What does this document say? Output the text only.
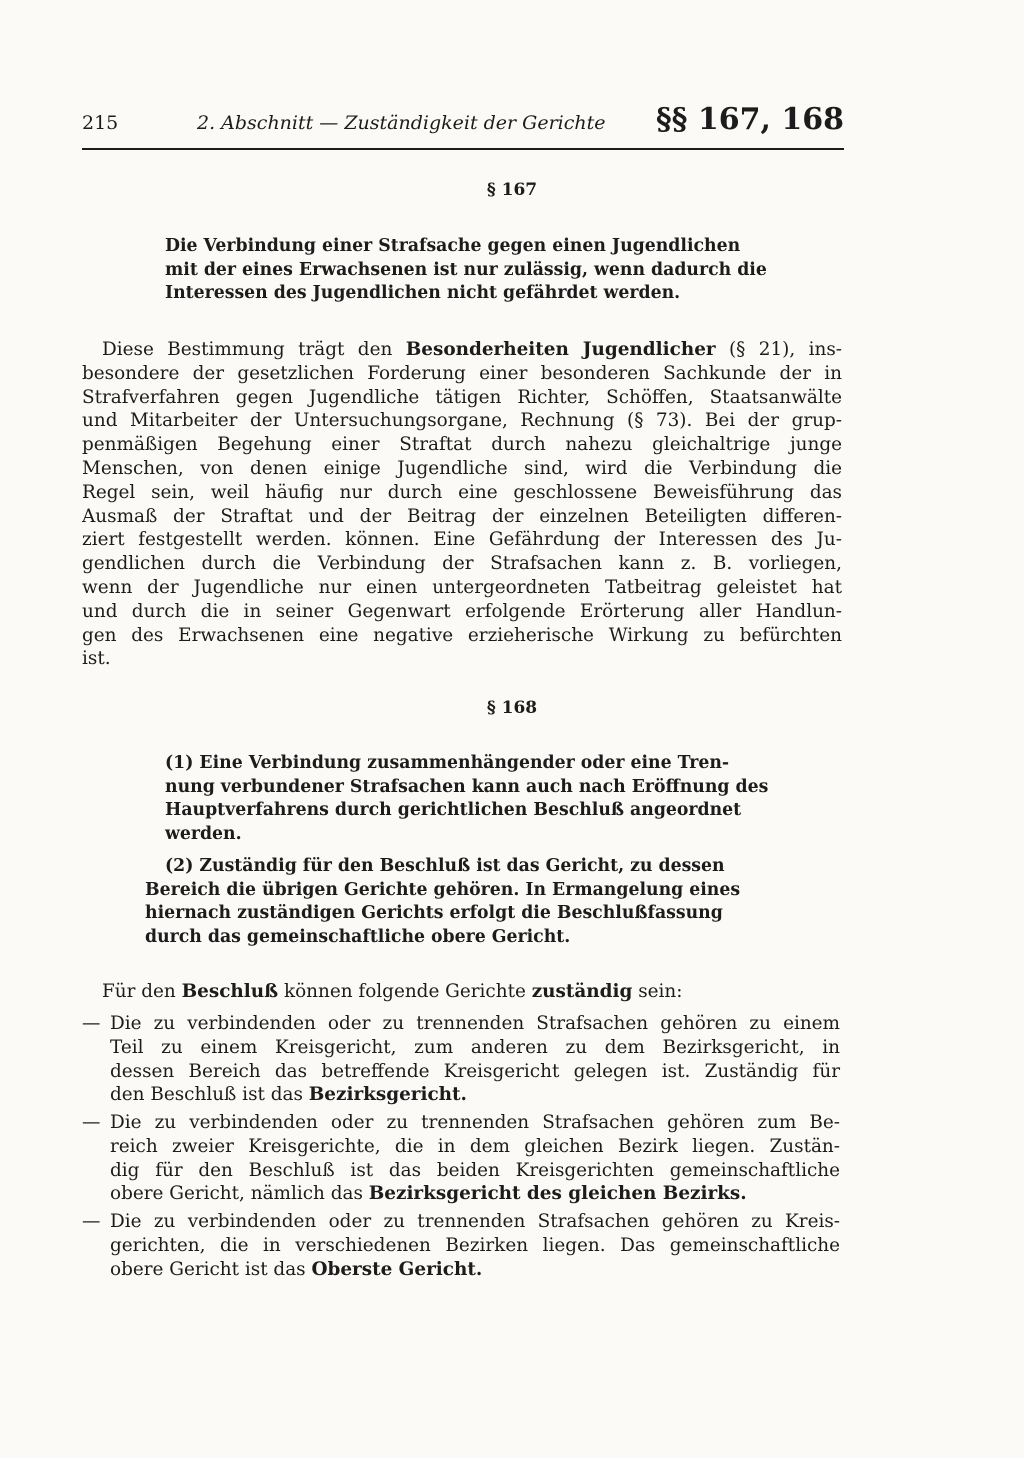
215	2. Abschnitt — Zuständigkeit der Gerichte §§ 167, 168
§ 167
Die Verbindung einer Strafsache gegen einen Jugendlichen
mit der eines Erwachsenen ist nur zulässig, wenn dadurch die
Interessen des Jugendlichen nicht gefährdet werden.
Diese Bestimmung trägt den Besonderheiten Jugendlicher (§ 21), ins-
besondere der gesetzlichen Forderung einer besonderen Sachkunde der in
Strafverfahren gegen Jugendliche tätigen Richter, Schöffen, Staatsanwälte
und Mitarbeiter der Untersuchungsorgane, Rechnung (§ 73). Bei der grup-
penmäßigen Begehung einer Straftat durch nahezu gleichaltrige junge
Menschen, von denen einige Jugendliche sind, wird die Verbindung die
Regel sein, weil häufig nur durch eine geschlossene Beweisführung das
Ausmaß der Straftat und der Beitrag der einzelnen Beteiligten differen-
ziert festgestellt werden. können. Eine Gefährdung der Interessen des Ju-
gendlichen durch die Verbindung der Strafsachen kann z. B. vorliegen,
wenn der Jugendliche nur einen untergeordneten Tatbeitrag geleistet hat
und durch die in seiner Gegenwart erfolgende Erörterung aller Handlun-
gen des Erwachsenen eine negative erzieherische Wirkung zu befürchten
ist.
§ 168
(1) Eine Verbindung zusammenhängender oder eine Tren-
nung verbundener Strafsachen kann auch nach Eröffnung des
Hauptverfahrens durch gerichtlichen Beschluß angeordnet
werden.
(2) Zuständig für den Beschluß ist das Gericht, zu dessen
Bereich die übrigen Gerichte gehören. In Ermangelung eines
hiernach zuständigen Gerichts erfolgt die Beschlußfassung
durch das gemeinschaftliche obere Gericht.
Für den Beschluß können folgende Gerichte zuständig sein:
— Die zu verbindenden oder zu trennenden Strafsachen gehören zu einem
Teil zu einem Kreisgericht, zum anderen zu dem Bezirksgericht, in
dessen Bereich das betreffende Kreisgericht gelegen ist. Zuständig für
den Beschluß ist das Bezirksgericht.
— Die zu verbindenden oder zu trennenden Strafsachen gehören zum Be-
reich zweier Kreisgerichte, die in dem gleichen Bezirk liegen. Zustän-
dig für den Beschluß ist das beiden Kreisgerichten gemeinschaftliche
obere Gericht, nämlich das Bezirksgericht des gleichen Bezirks.
— Die zu verbindenden oder zu trennenden Strafsachen gehören zu Kreis-
gerichten, die in verschiedenen Bezirken liegen. Das gemeinschaftliche
obere Gericht ist das Oberste Gericht.
